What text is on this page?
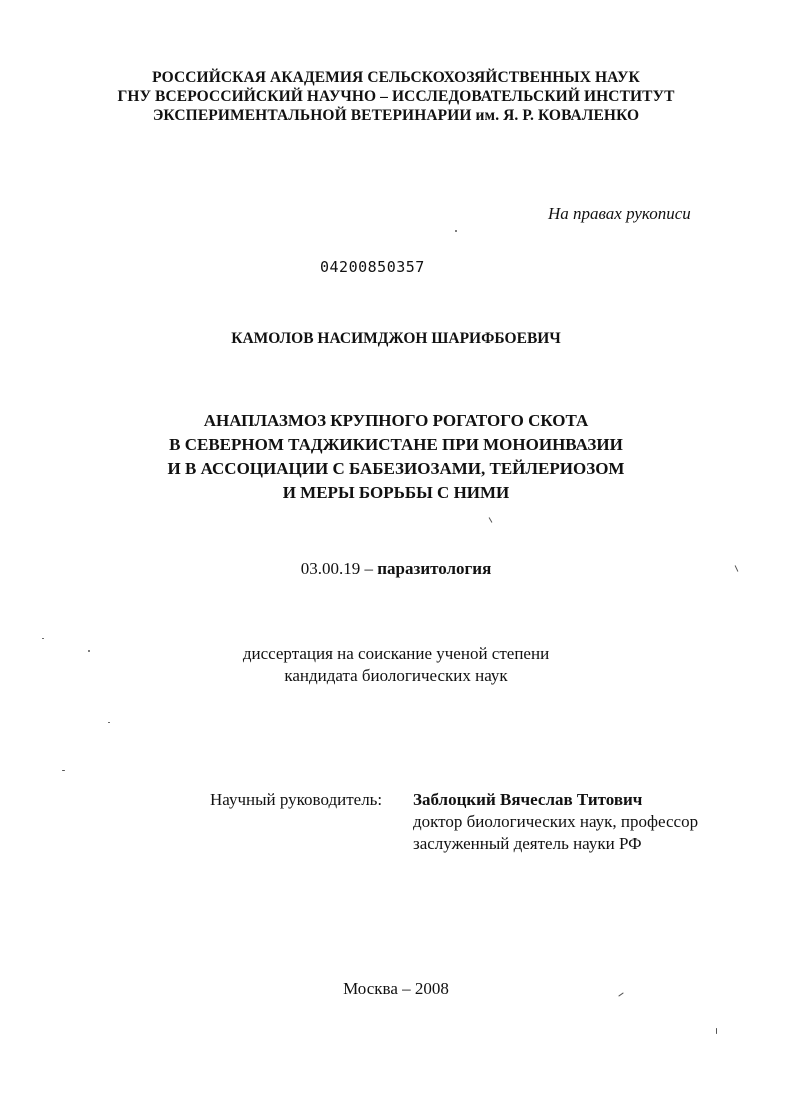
РОССИЙСКАЯ АКАДЕМИЯ СЕЛЬСКОХОЗЯЙСТВЕННЫХ НАУК
ГНУ ВСЕРОССИЙСКИЙ НАУЧНО – ИССЛЕДОВАТЕЛЬСКИЙ ИНСТИТУТ
ЭКСПЕРИМЕНТАЛЬНОЙ ВЕТЕРИНАРИИ им. Я. Р. КОВАЛЕНКО
На правах рукописи
04200850357
КАМОЛОВ НАСИМДЖОН ШАРИФБОЕВИЧ
АНАПЛАЗМОЗ КРУПНОГО РОГАТОГО СКОТА
В СЕВЕРНОМ ТАДЖИКИСТАНЕ ПРИ МОНОИНВАЗИИ
И В АССОЦИАЦИИ С БАБЕЗИОЗАМИ, ТЕЙЛЕРИОЗОМ
И МЕРЫ БОРЬБЫ С НИМИ
03.00.19 – паразитология
диссертация на соискание ученой степени
кандидата биологических наук
Научный руководитель: Заблоцкий Вячеслав Титович
доктор биологических наук, профессор
заслуженный деятель науки РФ
Москва – 2008
